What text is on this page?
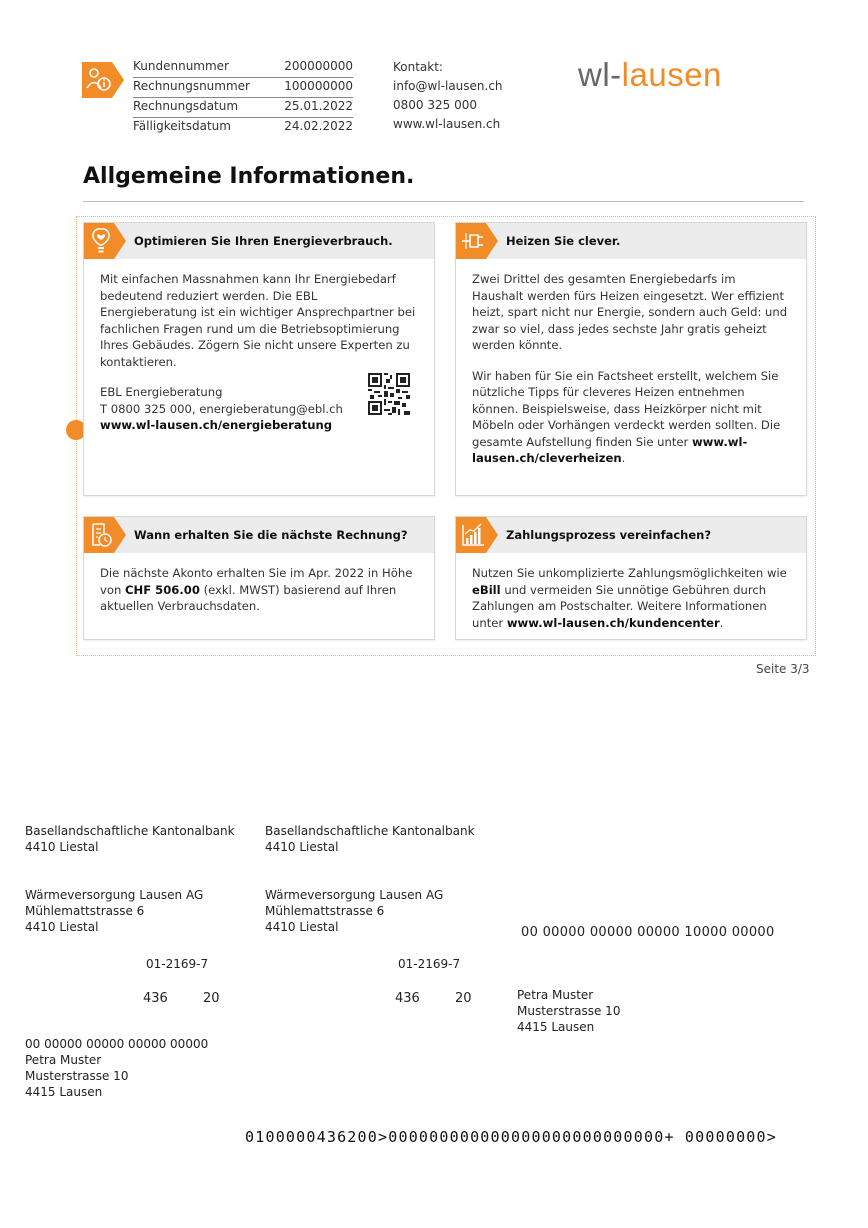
Kundennummer	200000000
Rechnungsnummer	100000000
Rechnungsdatum	25.01.2022
Fälligkeitsdatum	24.02.2022
Kontakt:
info@wl-lausen.ch
0800 325 000
www.wl-lausen.ch
wl-lausen
Allgemeine Informationen.
Optimieren Sie Ihren Energieverbrauch.

Mit einfachen Massnahmen kann Ihr Energiebedarf bedeutend reduziert werden. Die EBL Energieberatung ist ein wichtiger Ansprechpartner bei fachlichen Fragen rund um die Betriebsoptimierung Ihres Gebäudes. Zögern Sie nicht unsere Experten zu kontaktieren.

EBL Energieberatung
T 0800 325 000, energieberatung@ebl.ch
www.wl-lausen.ch/energieberatung
Heizen Sie clever.

Zwei Drittel des gesamten Energiebedarfs im Haushalt werden fürs Heizen eingesetzt. Wer effizient heizt, spart nicht nur Energie, sondern auch Geld: und zwar so viel, dass jedes sechste Jahr gratis geheizt werden könnte.

Wir haben für Sie ein Factsheet erstellt, welchem Sie nützliche Tipps für cleveres Heizen entnehmen können. Beispielsweise, dass Heizkörper nicht mit Möbeln oder Vorhängen verdeckt werden sollten. Die gesamte Aufstellung finden Sie unter www.wl-lausen.ch/cleverheizen.

Wann erhalten Sie die nächste Rechnung?

Die nächste Akonto erhalten Sie im Apr. 2022 in Höhe von CHF 506.00 (exkl. MWST) basierend auf Ihren aktuellen Verbrauchsdaten.

Zahlungsprozess vereinfachen?

Nutzen Sie unkomplizierte Zahlungsmöglichkeiten wie eBill und vermeiden Sie unnötige Gebühren durch Zahlungen am Postschalter. Weitere Informationen unter www.wl-lausen.ch/kundencenter.

Seite 3/3
Basellandschaftliche Kantonalbank
4410 Liestal
Wärmeversorgung Lausen AG
Mühlemattstrasse 6
4410 Liestal
01-2169-7
436	20
00 00000 00000 00000 00000
Petra Muster
Musterstrasse 10
4415 Lausen
Basellandschaftliche Kantonalbank
4410 Liestal
Wärmeversorgung Lausen AG
Mühlemattstrasse 6
4410 Liestal
01-2169-7
436	20
00 00000 00000 00000 10000 00000
Petra Muster
Musterstrasse 10
4415 Lausen
0100000436200>000000000000000000000000000+ 00000000>
